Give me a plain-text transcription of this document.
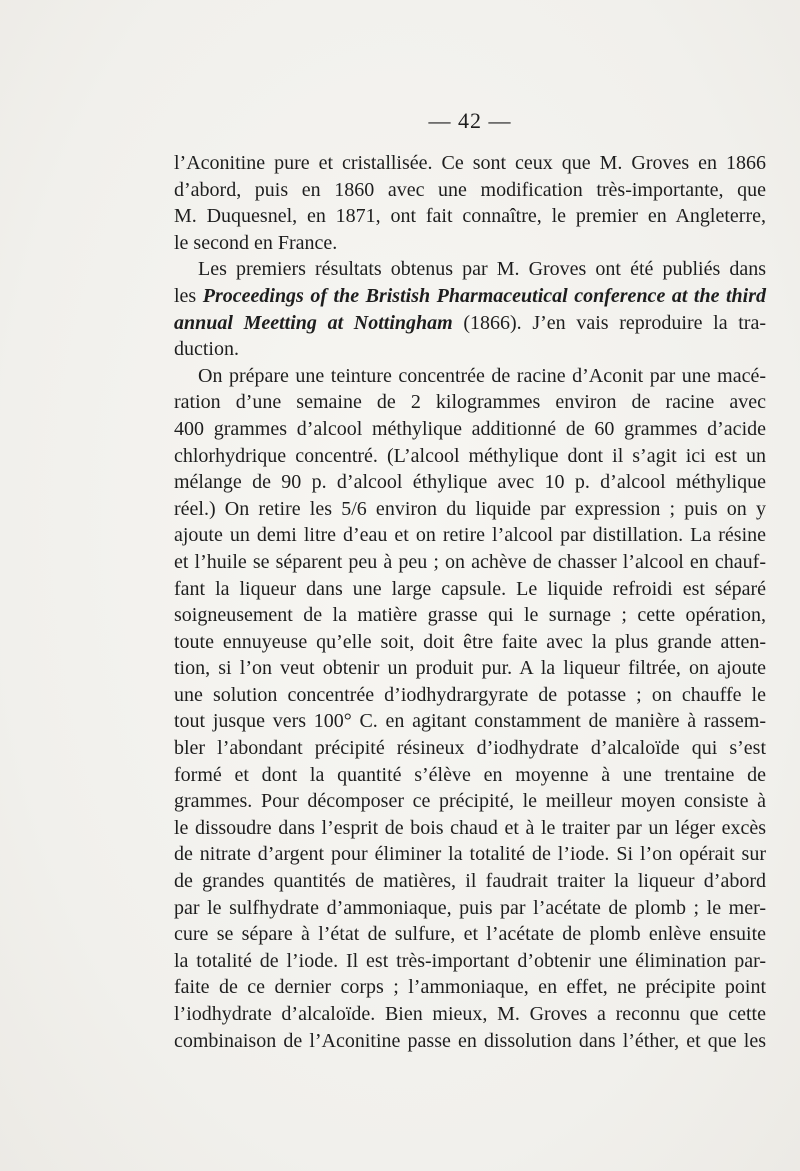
— 42 —
l’Aconitine pure et cristallisée. Ce sont ceux que M. Groves en 1866
d’abord, puis en 1860 avec une modification très-importante, que
M. Duquesnel, en 1871, ont fait connaître, le premier en Angleterre,
le second en France.
Les premiers résultats obtenus par M. Groves ont été publiés dans
les Proceedings of the Bristish Pharmaceutical conference at the third
annual Meetting at Nottingham (1866). J’en vais reproduire la tra-
duction.
On prépare une teinture concentrée de racine d’Aconit par une macé-
ration d’une semaine de 2 kilogrammes environ de racine avec
400 grammes d’alcool méthylique additionné de 60 grammes d’acide
chlorhydrique concentré. (L’alcool méthylique dont il s’agit ici est un
mélange de 90 p. d’alcool éthylique avec 10 p. d’alcool méthylique
réel.) On retire les 5/6 environ du liquide par expression ; puis on y
ajoute un demi litre d’eau et on retire l’alcool par distillation. La résine
et l’huile se séparent peu à peu ; on achève de chasser l’alcool en chauf-
fant la liqueur dans une large capsule. Le liquide refroidi est séparé
soigneusement de la matière grasse qui le surnage ; cette opération,
toute ennuyeuse qu’elle soit, doit être faite avec la plus grande atten-
tion, si l’on veut obtenir un produit pur. A la liqueur filtrée, on ajoute
une solution concentrée d’iodhydrargyrate de potasse ; on chauffe le
tout jusque vers 100° C. en agitant constamment de manière à rassem-
bler l’abondant précipité résineux d’iodhydrate d’alcaloïde qui s’est
formé et dont la quantité s’élève en moyenne à une trentaine de
grammes. Pour décomposer ce précipité, le meilleur moyen consiste à
le dissoudre dans l’esprit de bois chaud et à le traiter par un léger excès
de nitrate d’argent pour éliminer la totalité de l’iode. Si l’on opérait sur
de grandes quantités de matières, il faudrait traiter la liqueur d’abord
par le sulfhydrate d’ammoniaque, puis par l’acétate de plomb ; le mer-
cure se sépare à l’état de sulfure, et l’acétate de plomb enlève ensuite
la totalité de l’iode. Il est très-important d’obtenir une élimination par-
faite de ce dernier corps ; l’ammoniaque, en effet, ne précipite point
l’iodhydrate d’alcaloïde. Bien mieux, M. Groves a reconnu que cette
combinaison de l’Aconitine passe en dissolution dans l’éther, et que les
